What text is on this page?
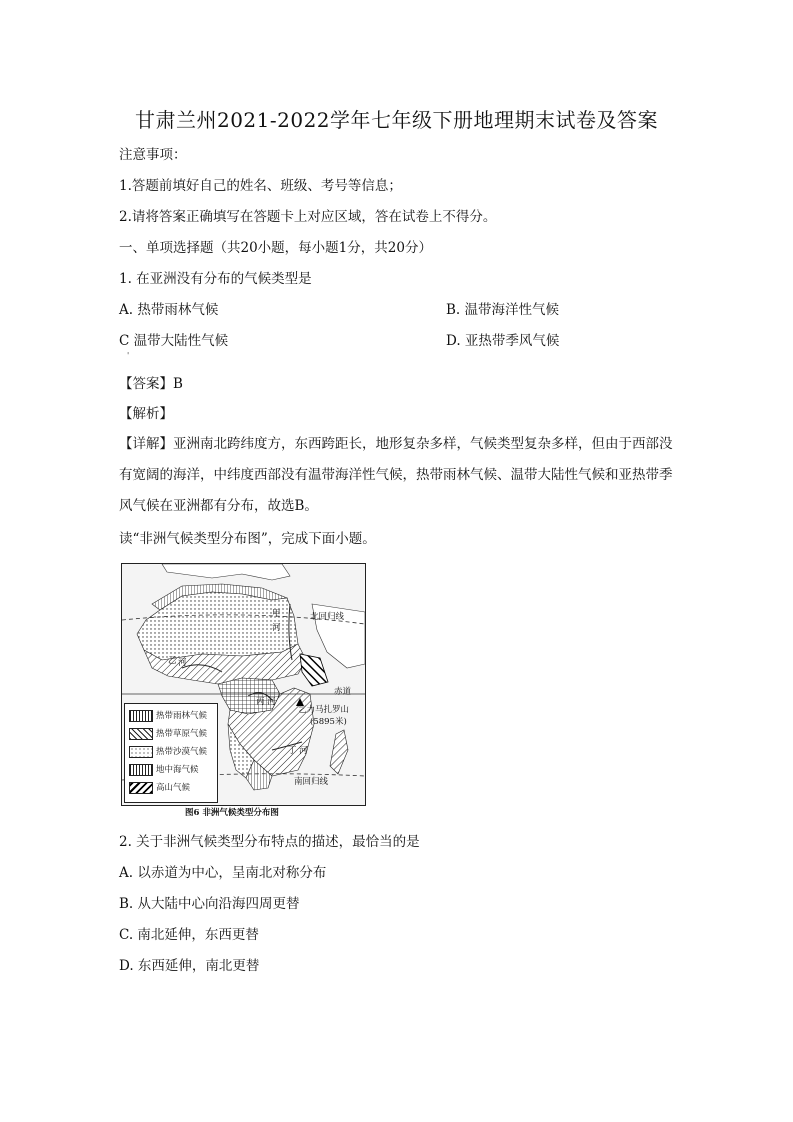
甘肃兰州2021-2022学年七年级下册地理期末试卷及答案
注意事项：
1.答题前填好自己的姓名、班级、考号等信息；
2.请将答案正确填写在答题卡上对应区域，答在试卷上不得分。
一、单项选择题（共20小题，每小题1分，共20分）
1. 在亚洲没有分布的气候类型是
A. 热带雨林气候	B. 温带海洋性气候
C 温带大陆性气候	D. 亚热带季风气候
'
【答案】B
【解析】
【详解】亚洲南北跨纬度方，东西跨距长，地形复杂多样，气候类型复杂多样，但由于西部没有宽阔的海洋，中纬度西部没有温带海洋性气候，热带雨林气候、温带大陆性气候和亚热带季风气候在亚洲都有分布，故选B。
读“非洲气候类型分布图”，完成下面小题。
甲
河
北回归线
乙 河
赤道
丙 河
乞力马扎罗山
(5895米)
丁 河
南回归线
热带雨林气候
热带草原气候
热带沙漠气候
地中海气候
高山气候
图6 非洲气候类型分布图
2. 关于非洲气候类型分布特点的描述，最恰当的是
A. 以赤道为中心，呈南北对称分布
B. 从大陆中心向沿海四周更替
C. 南北延伸，东西更替
D. 东西延伸，南北更替
